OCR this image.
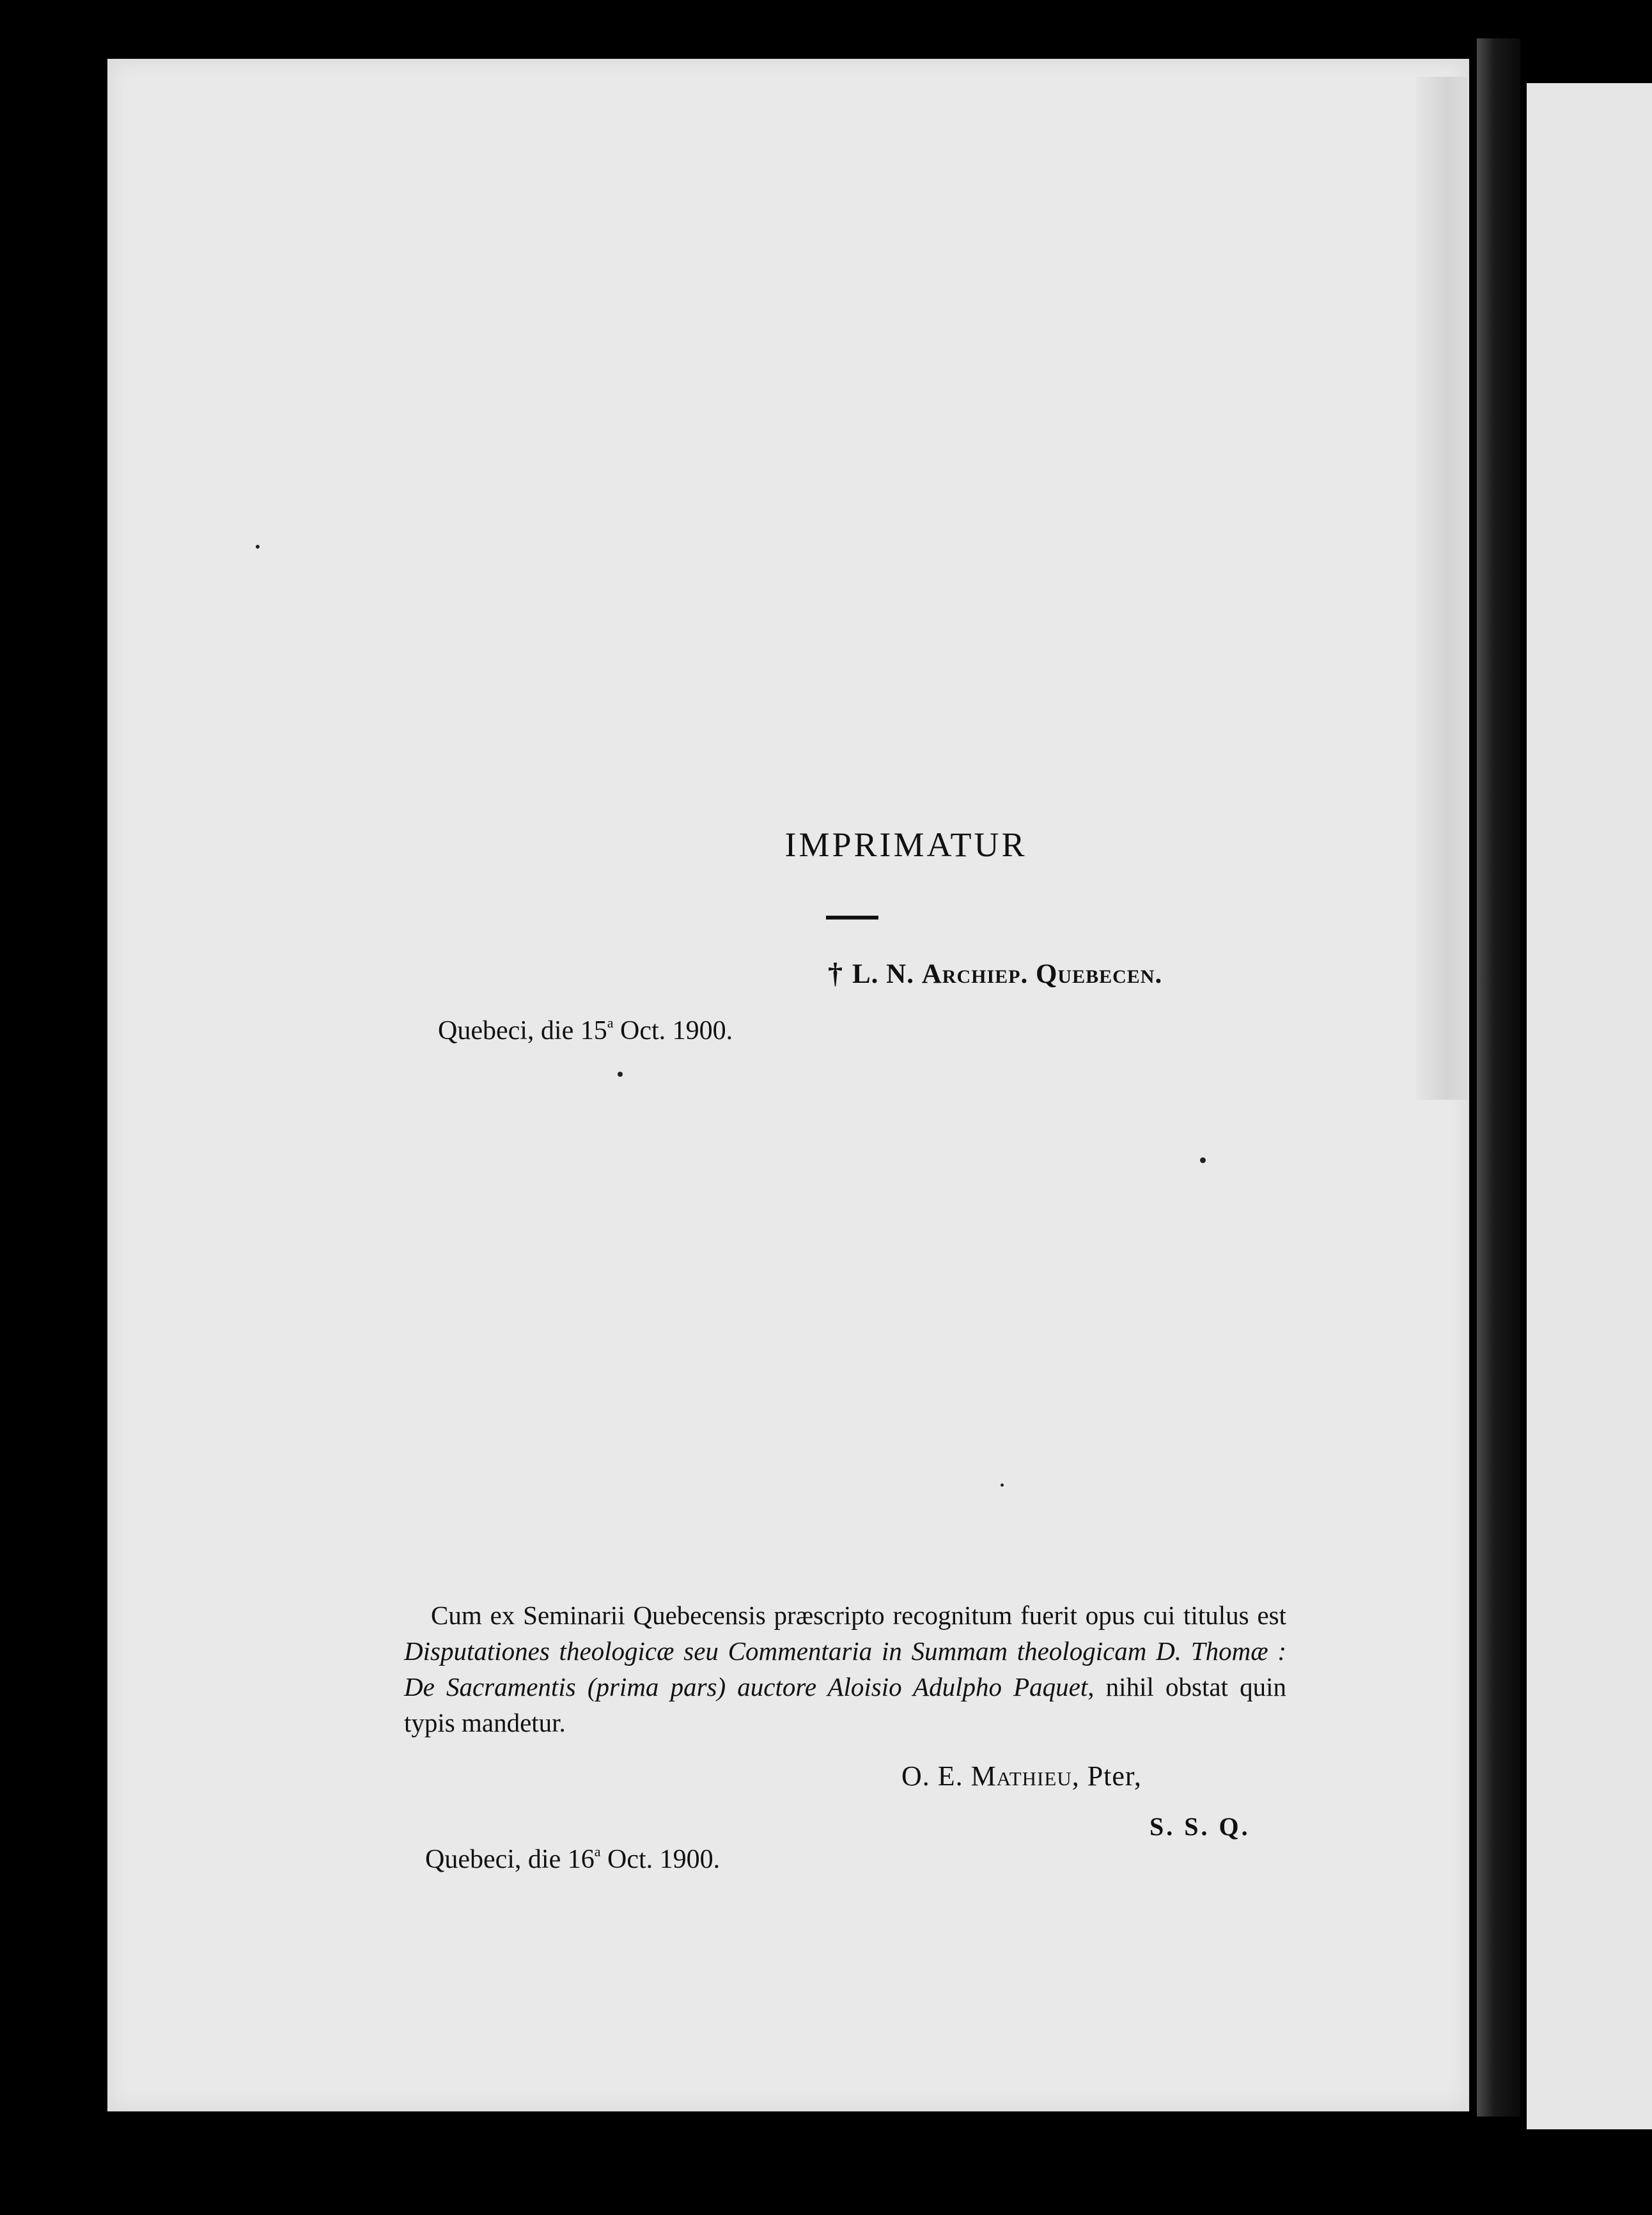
IMPRIMATUR
† L. N. Archiep. Quebecen.
Quebeci, die 15$^a$ Oct. 1900.
Cum ex Seminarii Quebecensis præscripto recognitum fuerit opus cui titulus est Disputationes theologicæ seu Commentaria in Summam theologicam D. Thomæ : De Sacramentis (prima pars) auctore Aloisio Adulpho Paquet, nihil obstat quin typis mandetur.
O. E. Mathieu, Pter,
S. S. Q.
Quebeci, die 16$^a$ Oct. 1900.
